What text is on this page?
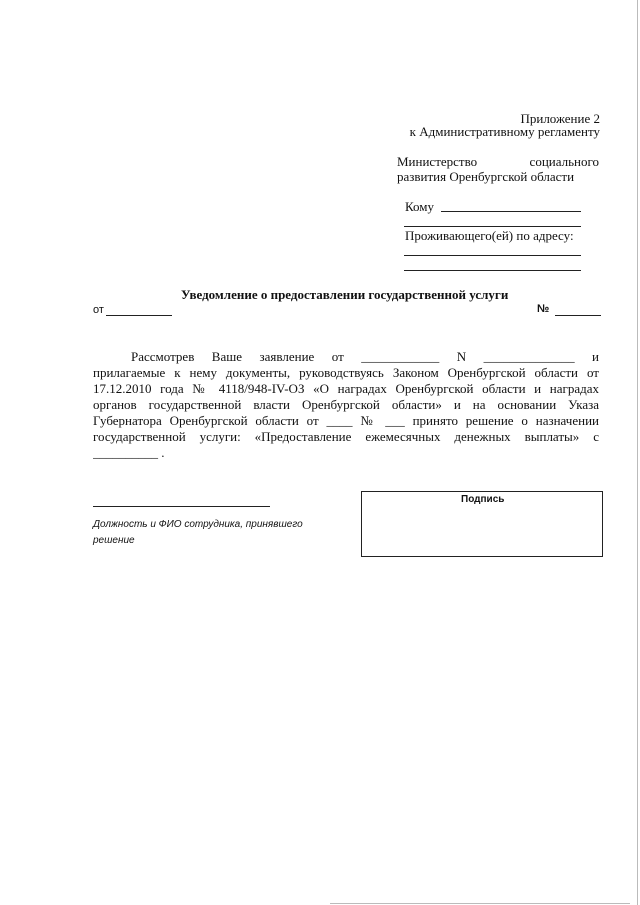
Приложение 2
к Административному регламенту
Министерство	социального
развития Оренбургской области
Кому
Проживающего(ей) по адресу:
Уведомление о предоставлении государственной услуги
от	№
Рассмотрев Ваше заявление от ____________ N ______________ и
прилагаемые к нему документы, руководствуясь Законом Оренбургской области от
17.12.2010 года № 4118/948-IV-ОЗ «О наградах Оренбургской области и наградах
органов государственной власти Оренбургской области» и на основании Указа
Губернатора Оренбургской области от ____ № ___ принято решение о назначении
государственной услуги: «Предоставление ежемесячных денежных выплаты» с
__________ .
Должность и ФИО сотрудника, принявшего
решение
Подпись
